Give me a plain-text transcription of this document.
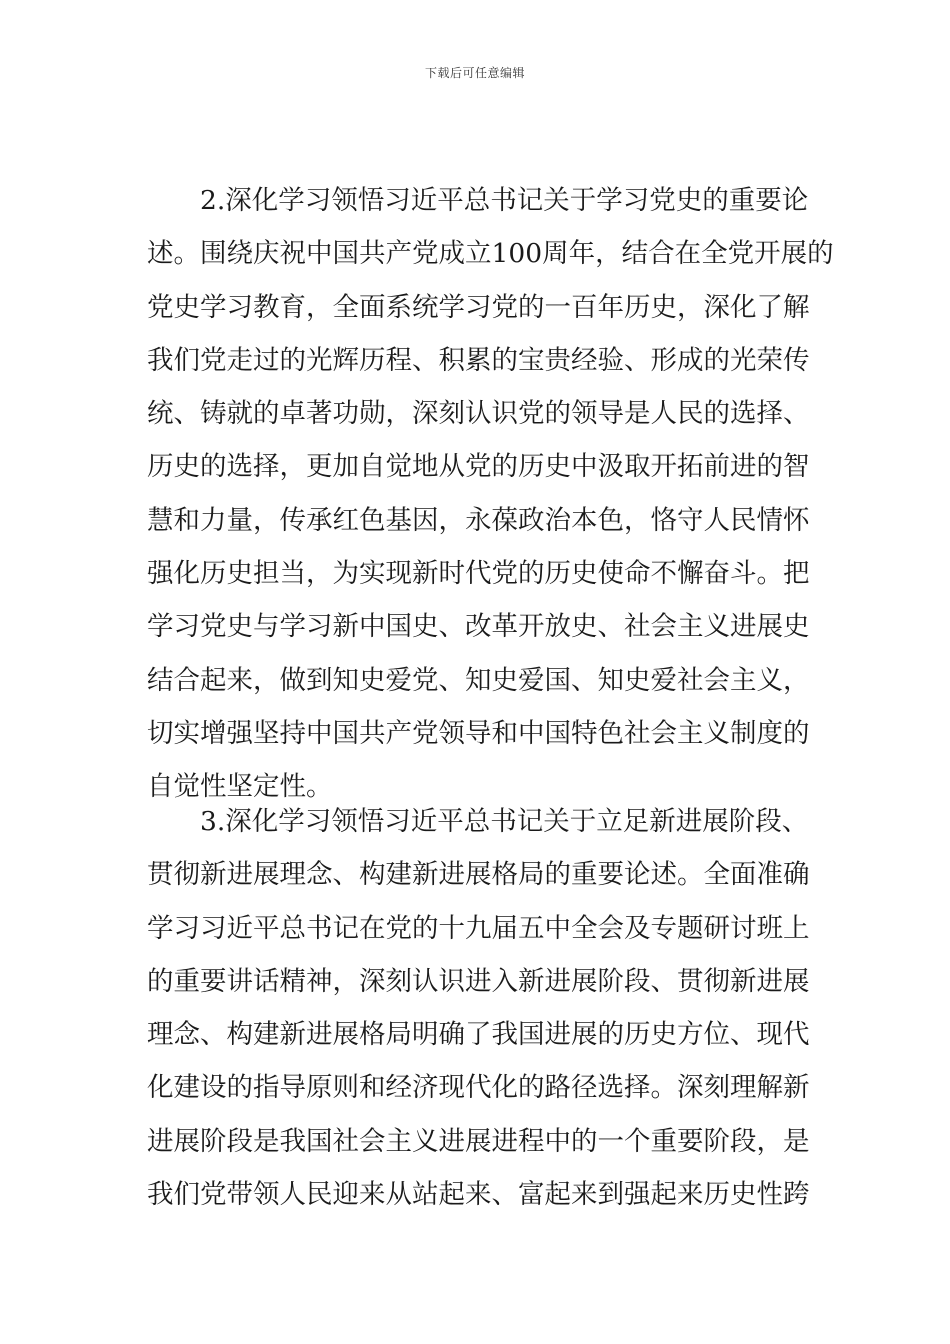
下载后可任意编辑
2.深化学习领悟习近平总书记关于学习党史的重要论
述。围绕庆祝中国共产党成立100周年，结合在全党开展的
党史学习教育，全面系统学习党的一百年历史，深化了解
我们党走过的光辉历程、积累的宝贵经验、形成的光荣传
统、铸就的卓著功勋，深刻认识党的领导是人民的选择、
历史的选择，更加自觉地从党的历史中汲取开拓前进的智
慧和力量，传承红色基因，永葆政治本色，恪守人民情怀
强化历史担当，为实现新时代党的历史使命不懈奋斗。把
学习党史与学习新中国史、改革开放史、社会主义进展史
结合起来，做到知史爱党、知史爱国、知史爱社会主义，
切实增强坚持中国共产党领导和中国特色社会主义制度的
自觉性坚定性。
3.深化学习领悟习近平总书记关于立足新进展阶段、
贯彻新进展理念、构建新进展格局的重要论述。全面准确
学习习近平总书记在党的十九届五中全会及专题研讨班上
的重要讲话精神，深刻认识进入新进展阶段、贯彻新进展
理念、构建新进展格局明确了我国进展的历史方位、现代
化建设的指导原则和经济现代化的路径选择。深刻理解新
进展阶段是我国社会主义进展进程中的一个重要阶段，是
我们党带领人民迎来从站起来、富起来到强起来历史性跨
